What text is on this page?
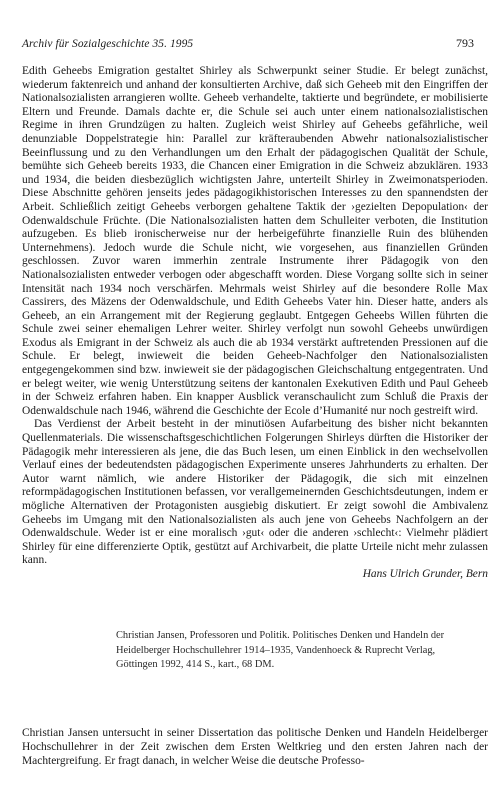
Archiv für Sozialgeschichte 35. 1995	793

Edith Geheebs Emigration gestaltet Shirley als Schwerpunkt seiner Studie. Er belegt zunächst, wiederum faktenreich und anhand der konsultierten Archive, daß sich Geheeb mit den Eingriffen der Nationalsozialisten arrangieren wollte. Geheeb verhandelte, taktierte und begründete, er mobilisierte Eltern und Freunde. Damals dachte er, die Schule sei auch unter einem nationalsozialistischen Regime in ihren Grundzügen zu halten. Zugleich weist Shirley auf Geheebs gefährliche, weil denunziable Doppelstrategie hin: Parallel zur kräfteraubenden Abwehr nationalsozialistischer Beeinflussung und zu den Verhandlungen um den Erhalt der pädagogischen Qualität der Schule, bemühte sich Geheeb bereits 1933, die Chancen einer Emigration in die Schweiz abzuklären. 1933 und 1934, die beiden diesbezüglich wichtigsten Jahre, unterteilt Shirley in Zweimonatsperioden. Diese Abschnitte gehören jenseits jedes pädagogikhistorischen Interesses zu den spannendsten der Arbeit. Schließlich zeitigt Geheebs verborgen gehaltene Taktik der ›gezielten Depopulation‹ der Odenwaldschule Früchte. (Die Nationalsozialisten hatten dem Schulleiter verboten, die Institution aufzugeben. Es blieb ironischerweise nur der herbeigeführte finanzielle Ruin des blühenden Unternehmens). Jedoch wurde die Schule nicht, wie vorgesehen, aus finanziellen Gründen geschlossen. Zuvor waren immerhin zentrale Instrumente ihrer Pädagogik von den Nationalsozialisten entweder verbogen oder abgeschafft worden. Diese Vorgang sollte sich in seiner Intensität nach 1934 noch verschärfen. Mehrmals weist Shirley auf die besondere Rolle Max Cassirers, des Mäzens der Odenwaldschule, und Edith Geheebs Vater hin. Dieser hatte, anders als Geheeb, an ein Arrangement mit der Regierung geglaubt. Entgegen Geheebs Willen führten die Schule zwei seiner ehemaligen Lehrer weiter. Shirley verfolgt nun sowohl Geheebs unwürdigen Exodus als Emigrant in der Schweiz als auch die ab 1934 verstärkt auftretenden Pressionen auf die Schule. Er belegt, inwieweit die beiden Geheeb-Nachfolger den Nationalsozialisten entgegengekommen sind bzw. inwieweit sie der pädagogischen Gleichschaltung entgegentraten. Und er belegt weiter, wie wenig Unterstützung seitens der kantonalen Exekutiven Edith und Paul Geheeb in der Schweiz erfahren haben. Ein knapper Ausblick veranschaulicht zum Schluß die Praxis der Odenwaldschule nach 1946, während die Geschichte der Ecole d’Humanité nur noch gestreift wird.

Das Verdienst der Arbeit besteht in der minutiösen Aufarbeitung des bisher nicht bekannten Quellenmaterials. Die wissenschaftsgeschichtlichen Folgerungen Shirleys dürften die Historiker der Pädagogik mehr interessieren als jene, die das Buch lesen, um einen Einblick in den wechselvollen Verlauf eines der bedeutendsten pädagogischen Experimente unseres Jahrhunderts zu erhalten. Der Autor warnt nämlich, wie andere Historiker der Pädagogik, die sich mit einzelnen reformpädagogischen Institutionen befassen, vor verallgemeinernden Geschichtsdeutungen, indem er mögliche Alternativen der Protagonisten ausgiebig diskutiert. Er zeigt sowohl die Ambivalenz Geheebs im Umgang mit den Nationalsozialisten als auch jene von Geheebs Nachfolgern an der Odenwaldschule. Weder ist er eine moralisch ›gut‹ oder die anderen ›schlecht‹: Vielmehr plädiert Shirley für eine differenzierte Optik, gestützt auf Archivarbeit, die platte Urteile nicht mehr zulassen kann.

Hans Ulrich Grunder, Bern
Christian Jansen, Professoren und Politik. Politisches Denken und Handeln der
Heidelberger Hochschullehrer 1914–1935, Vandenhoeck & Ruprecht Verlag,
Göttingen 1992, 414 S., kart., 68 DM.

Christian Jansen untersucht in seiner Dissertation das politische Denken und Handeln Heidelberger Hochschullehrer in der Zeit zwischen dem Ersten Weltkrieg und den ersten Jahren nach der Machtergreifung. Er fragt danach, in welcher Weise die deutsche Professo-
